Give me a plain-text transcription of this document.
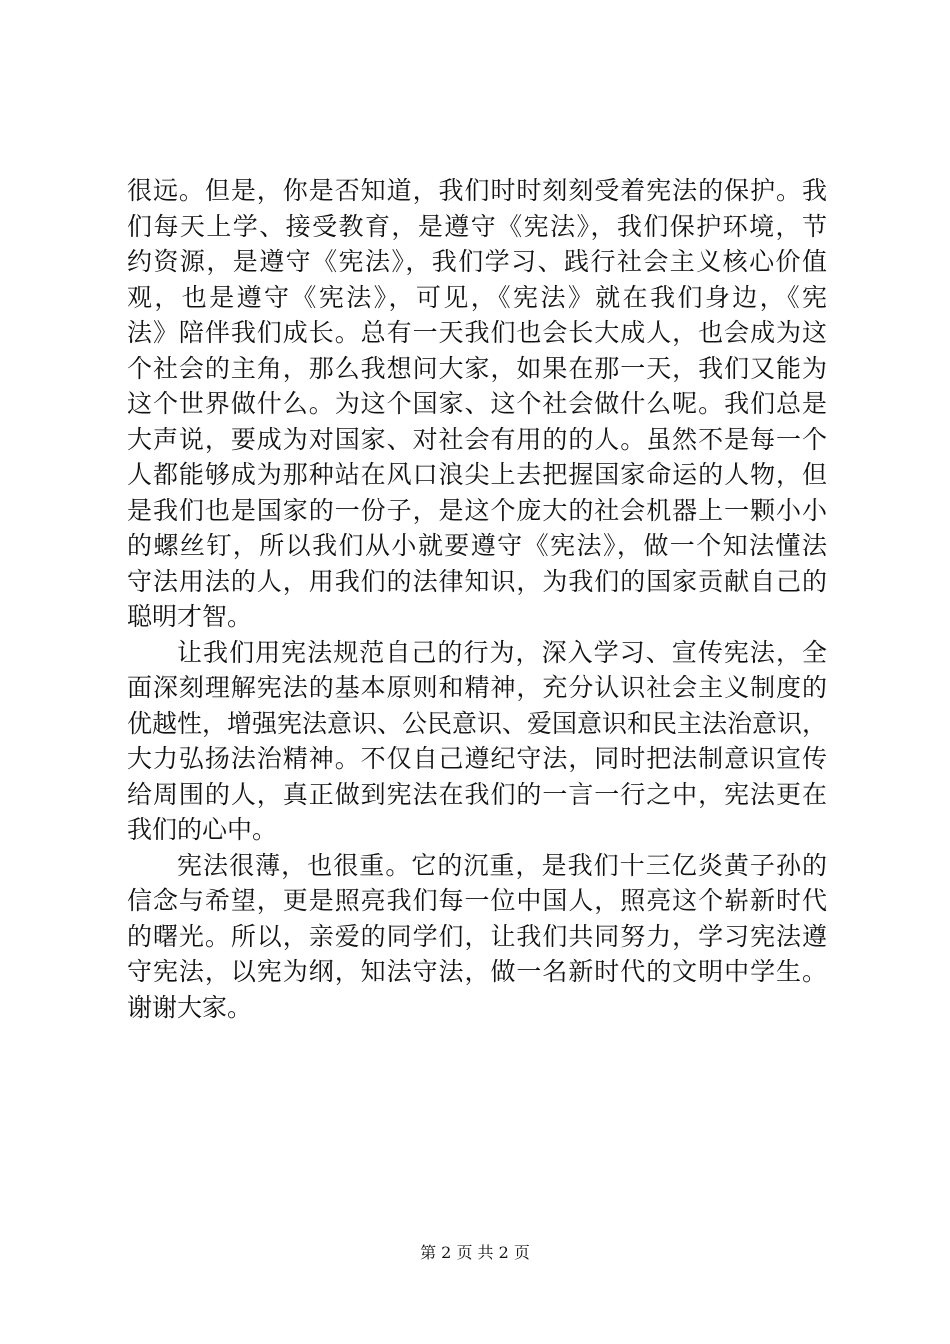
很远。但是，你是否知道，我们时时刻刻受着宪法的保护。我
们每天上学、接受教育，是遵守《宪法》，我们保护环境，节
约资源，是遵守《宪法》，我们学习、践行社会主义核心价值
观，也是遵守《宪法》，可见，《宪法》就在我们身边，《宪
法》陪伴我们成长。总有一天我们也会长大成人，也会成为这
个社会的主角，那么我想问大家，如果在那一天，我们又能为
这个世界做什么。为这个国家、这个社会做什么呢。我们总是
大声说，要成为对国家、对社会有用的的人。虽然不是每一个
人都能够成为那种站在风口浪尖上去把握国家命运的人物，但
是我们也是国家的一份子，是这个庞大的社会机器上一颗小小
的螺丝钉，所以我们从小就要遵守《宪法》，做一个知法懂法
守法用法的人，用我们的法律知识，为我们的国家贡献自己的
聪明才智。
让我们用宪法规范自己的行为，深入学习、宣传宪法，全
面深刻理解宪法的基本原则和精神，充分认识社会主义制度的
优越性，增强宪法意识、公民意识、爱国意识和民主法治意识，
大力弘扬法治精神。不仅自己遵纪守法，同时把法制意识宣传
给周围的人，真正做到宪法在我们的一言一行之中，宪法更在
我们的心中。
宪法很薄，也很重。它的沉重，是我们十三亿炎黄子孙的
信念与希望，更是照亮我们每一位中国人，照亮这个崭新时代
的曙光。所以，亲爱的同学们，让我们共同努力，学习宪法遵
守宪法，以宪为纲，知法守法，做一名新时代的文明中学生。
谢谢大家。
第 2 页 共 2 页
